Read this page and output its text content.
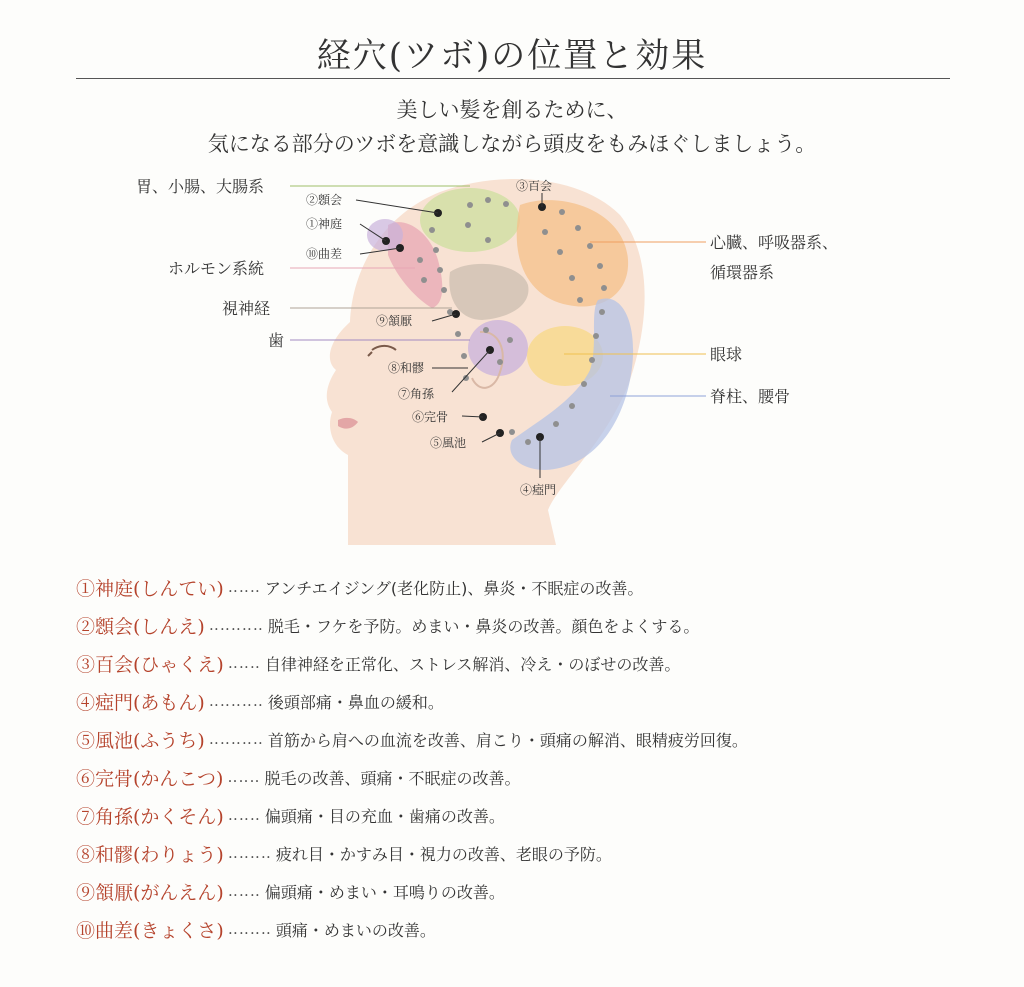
経穴(ツボ)の位置と効果
美しい髪を創るために、
気になる部分のツボを意識しながら頭皮をもみほぐしましょう。
胃、小腸、大腸系
ホルモン系統
視神経
歯
心臓、呼吸器系、
循環器系
眼球
脊柱、腰骨
②顖会
①神庭
⑩曲差
③百会
⑨頷厭
⑧和髎
⑦角孫
⑥完骨
⑤風池
④瘂門
①神庭(しんてい) ‥‥‥ アンチエイジング(老化防止)、鼻炎・不眠症の改善。
②顖会(しんえ) ‥‥‥‥‥ 脱毛・フケを予防。めまい・鼻炎の改善。顔色をよくする。
③百会(ひゃくえ) ‥‥‥ 自律神経を正常化、ストレス解消、冷え・のぼせの改善。
④瘂門(あもん) ‥‥‥‥‥ 後頭部痛・鼻血の緩和。
⑤風池(ふうち) ‥‥‥‥‥ 首筋から肩への血流を改善、肩こり・頭痛の解消、眼精疲労回復。
⑥完骨(かんこつ) ‥‥‥ 脱毛の改善、頭痛・不眠症の改善。
⑦角孫(かくそん) ‥‥‥ 偏頭痛・目の充血・歯痛の改善。
⑧和髎(わりょう) ‥‥‥‥ 疲れ目・かすみ目・視力の改善、老眼の予防。
⑨頷厭(がんえん) ‥‥‥ 偏頭痛・めまい・耳鳴りの改善。
⑩曲差(きょくさ) ‥‥‥‥ 頭痛・めまいの改善。
